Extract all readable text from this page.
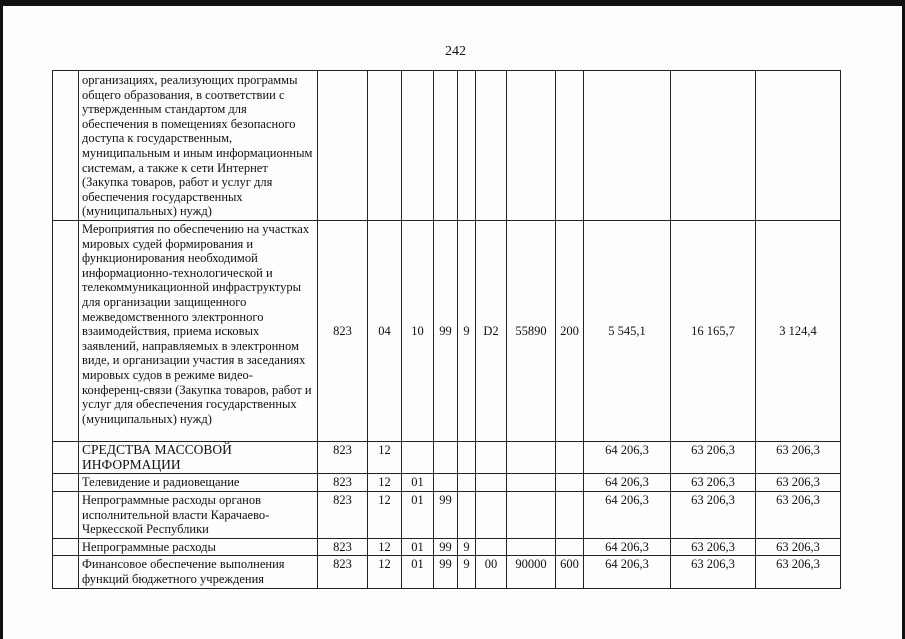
242
	организациях, реализующих программы общего образования, в соответствии с утвержденным стандартом для обеспечения в помещениях безопасного доступа к государственным, муниципальным и иным информационным системам, а также к сети Интернет (Закупка товаров, работ и услуг для обеспечения государственных (муниципальных) нужд)											
	Мероприятия по обеспечению на участках мировых судей формирования и функционирования необходимой информационно-технологической и телекоммуникационной инфраструктуры для организации защищенного межведомственного электронного взаимодействия, приема исковых заявлений, направляемых в электронном виде, и организации участия в заседаниях мировых судов в режиме видео-конференц-связи (Закупка товаров, работ и услуг для обеспечения государственных (муниципальных) нужд)	823	04	10	99	9	D2	55890	200	5 545,1	16 165,7	3 124,4
	СРЕДСТВА МАССОВОЙ ИНФОРМАЦИИ	823	12							64 206,3	63 206,3	63 206,3
	Телевидение и радиовещание	823	12	01						64 206,3	63 206,3	63 206,3
	Непрограммные расходы органов исполнительной власти Карачаево-Черкесской Республики	823	12	01	99					64 206,3	63 206,3	63 206,3
	Непрограммные расходы	823	12	01	99	9				64 206,3	63 206,3	63 206,3
	Финансовое обеспечение выполнения функций бюджетного учреждения	823	12	01	99	9	00	90000	600	64 206,3	63 206,3	63 206,3
